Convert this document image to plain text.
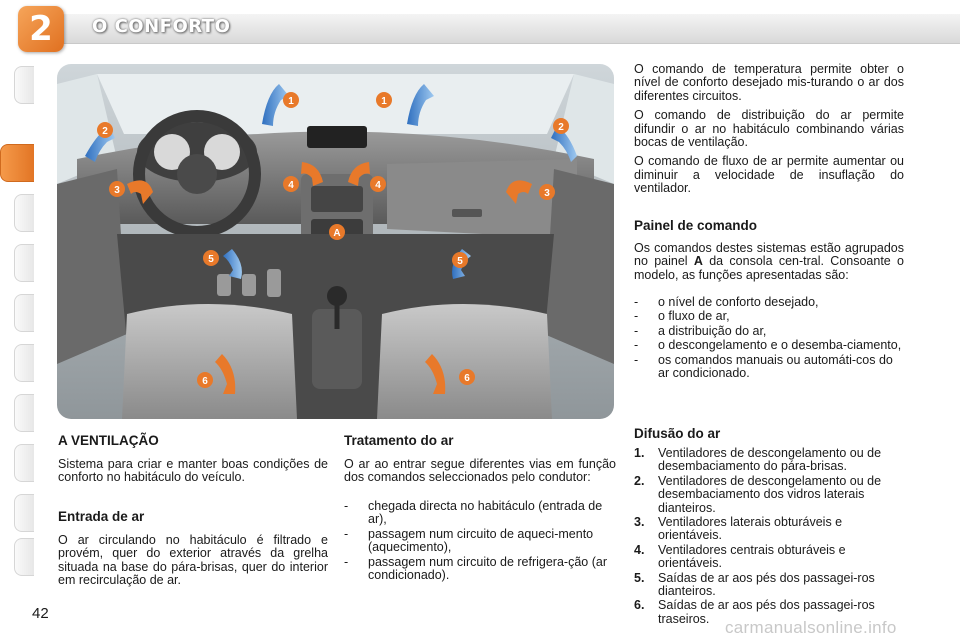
2	O CONFORTO
1	1
2	2
3	3
4	4
5	5
6	6
A
A VENTILAÇÃO
Sistema para criar e manter boas condições de conforto no habitáculo do veículo.
Entrada de ar
O ar circulando no habitáculo é filtrado e provém, quer do exterior através da grelha situada na base do pára-brisas, quer do interior em recirculação de ar.
Tratamento do ar
O ar ao entrar segue diferentes vias em função dos comandos seleccionados pelo condutor:
- chegada directa no habitáculo (entrada de ar),
- passagem num circuito de aqueci-mento (aquecimento),
- passagem num circuito de refrigera-ção (ar condicionado).

O comando de temperatura permite obter o nível de conforto desejado mis-turando o ar dos diferentes circuitos.

O comando de distribuição do ar permite difundir o ar no habitáculo combinando várias bocas de ventilação.

O comando de fluxo de ar permite aumentar ou diminuir a velocidade de insuflação do ventilador.

Painel de comando
Os comandos destes sistemas estão agrupados no painel A da consola cen-tral. Consoante o modelo, as funções apresentadas são:
- o nível de conforto desejado,
- o fluxo de ar,
- a distribuição do ar,
- o descongelamento e o desemba-ciamento,
- os comandos manuais ou automáti-cos do ar condicionado.
Difusão do ar
1. Ventiladores de descongelamento ou de desembaciamento do pára-brisas.
2. Ventiladores de descongelamento ou de desembaciamento dos vidros laterais dianteiros.
3. Ventiladores laterais obturáveis e orientáveis.
4. Ventiladores centrais obturáveis e orientáveis.
5. Saídas de ar aos pés dos passagei-ros dianteiros.
6. Saídas de ar aos pés dos passagei-ros traseiros.
42
carmanualsonline.info
